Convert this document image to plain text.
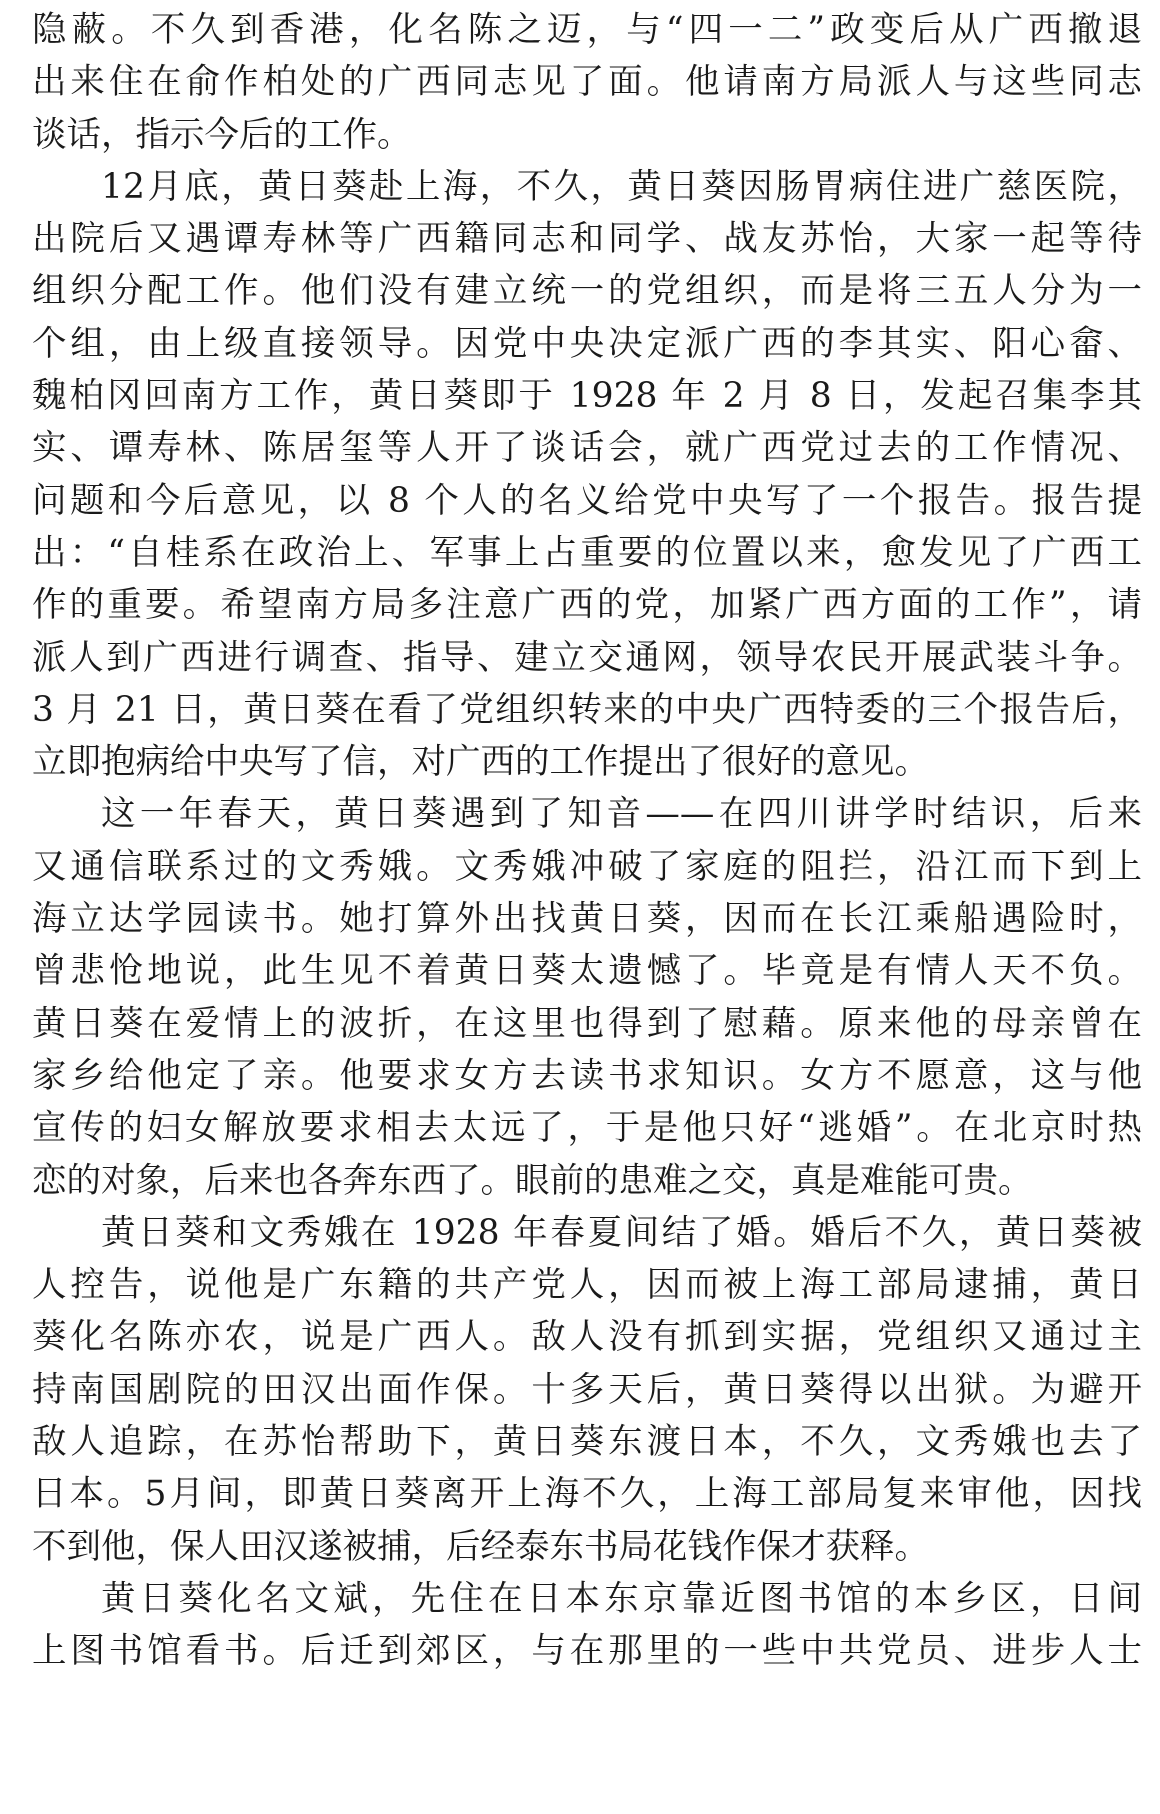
隐蔽。不久到香港，化名陈之迈，与“四一二”政变后从广西撤退
出来住在俞作柏处的广西同志见了面。他请南方局派人与这些同志
谈话，指示今后的工作。
12月底，黄日葵赴上海，不久，黄日葵因肠胃病住进广慈医院，
出院后又遇谭寿林等广西籍同志和同学、战友苏怡，大家一起等待
组织分配工作。他们没有建立统一的党组织，而是将三五人分为一
个组，由上级直接领导。因党中央决定派广西的李其实、阳心畲、
魏柏冈回南方工作，黄日葵即于 1928 年 2 月 8 日，发起召集李其
实、谭寿林、陈居玺等人开了谈话会，就广西党过去的工作情况、
问题和今后意见，以 8 个人的名义给党中央写了一个报告。报告提
出：“自桂系在政治上、军事上占重要的位置以来，愈发见了广西工
作的重要。希望南方局多注意广西的党，加紧广西方面的工作”，请
派人到广西进行调查、指导、建立交通网，领导农民开展武装斗争。
3 月 21 日，黄日葵在看了党组织转来的中央广西特委的三个报告后，
立即抱病给中央写了信，对广西的工作提出了很好的意见。
这一年春天，黄日葵遇到了知音——在四川讲学时结识，后来
又通信联系过的文秀娥。文秀娥冲破了家庭的阻拦，沿江而下到上
海立达学园读书。她打算外出找黄日葵，因而在长江乘船遇险时，
曾悲怆地说，此生见不着黄日葵太遗憾了。毕竟是有情人天不负。
黄日葵在爱情上的波折，在这里也得到了慰藉。原来他的母亲曾在
家乡给他定了亲。他要求女方去读书求知识。女方不愿意，这与他
宣传的妇女解放要求相去太远了，于是他只好“逃婚”。在北京时热
恋的对象，后来也各奔东西了。眼前的患难之交，真是难能可贵。
黄日葵和文秀娥在 1928 年春夏间结了婚。婚后不久，黄日葵被
人控告，说他是广东籍的共产党人，因而被上海工部局逮捕，黄日
葵化名陈亦农，说是广西人。敌人没有抓到实据，党组织又通过主
持南国剧院的田汉出面作保。十多天后，黄日葵得以出狱。为避开
敌人追踪，在苏怡帮助下，黄日葵东渡日本，不久，文秀娥也去了
日本。5月间，即黄日葵离开上海不久，上海工部局复来审他，因找
不到他，保人田汉遂被捕，后经泰东书局花钱作保才获释。
黄日葵化名文斌，先住在日本东京靠近图书馆的本乡区，日间
上图书馆看书。后迁到郊区，与在那里的一些中共党员、进步人士
